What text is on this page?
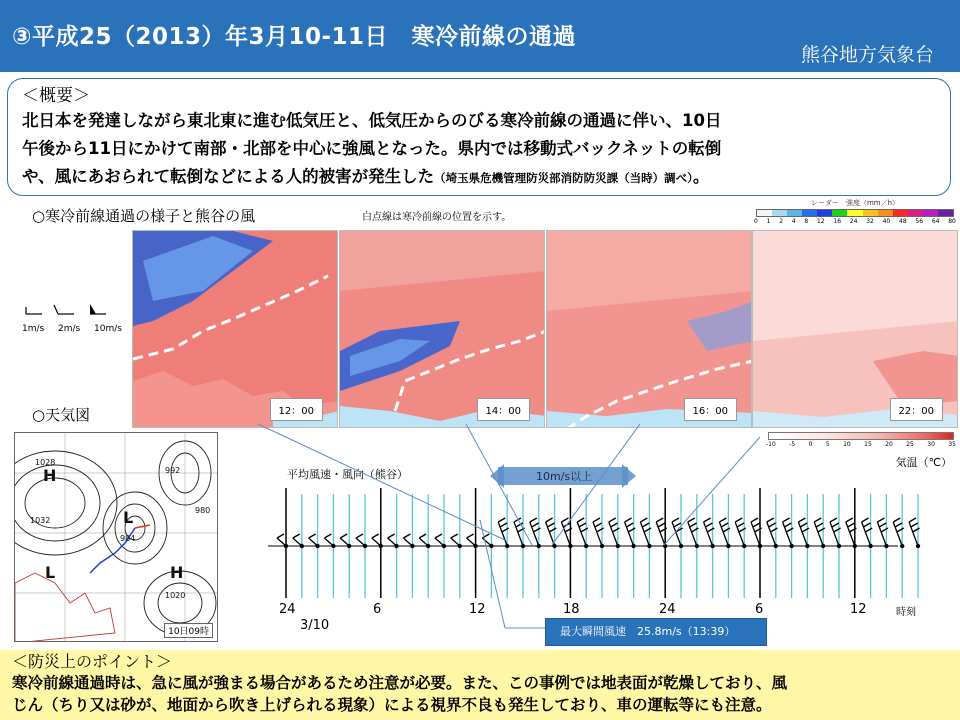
③平成25（2013）年3月10-11日　寒冷前線の通過
熊谷地方気象台
＜概要＞
北日本を発達しながら東北東に進む低気圧と、低気圧からのびる寒冷前線の通過に伴い、10日
午後から11日にかけて南部・北部を中心に強風となった。県内では移動式バックネットの転倒
や、風にあおられて転倒などによる人的被害が発生した（埼玉県危機管理防災部消防防災課（当時）調べ）。
○寒冷前線通過の様子と熊谷の風	白点線は寒冷前線の位置を示す。
レーダー　強度（mm／h）
0 1 2 4 8 12 16 24 32 40 48 56 64 80
1m/s 2m/s 10m/s
12：00	14：00	16：00	22：00
○天気図
H
L
H
L
1028
1032
992
984
980
1020
10日09時
-10 -5 0 5 10 15 20 25 30 35
気温（℃）
平均風速・風向（熊谷）	10m/s以上
24	6	12	18	24	6	12	時刻
3/10	最大瞬間風速　25.8m/s（13:39）
＜防災上のポイント＞
寒冷前線通過時は、急に風が強まる場合があるため注意が必要。また、この事例では地表面が乾燥しており、風
じん（ちり又は砂が、地面から吹き上げられる現象）による視界不良も発生しており、車の運転等にも注意。
